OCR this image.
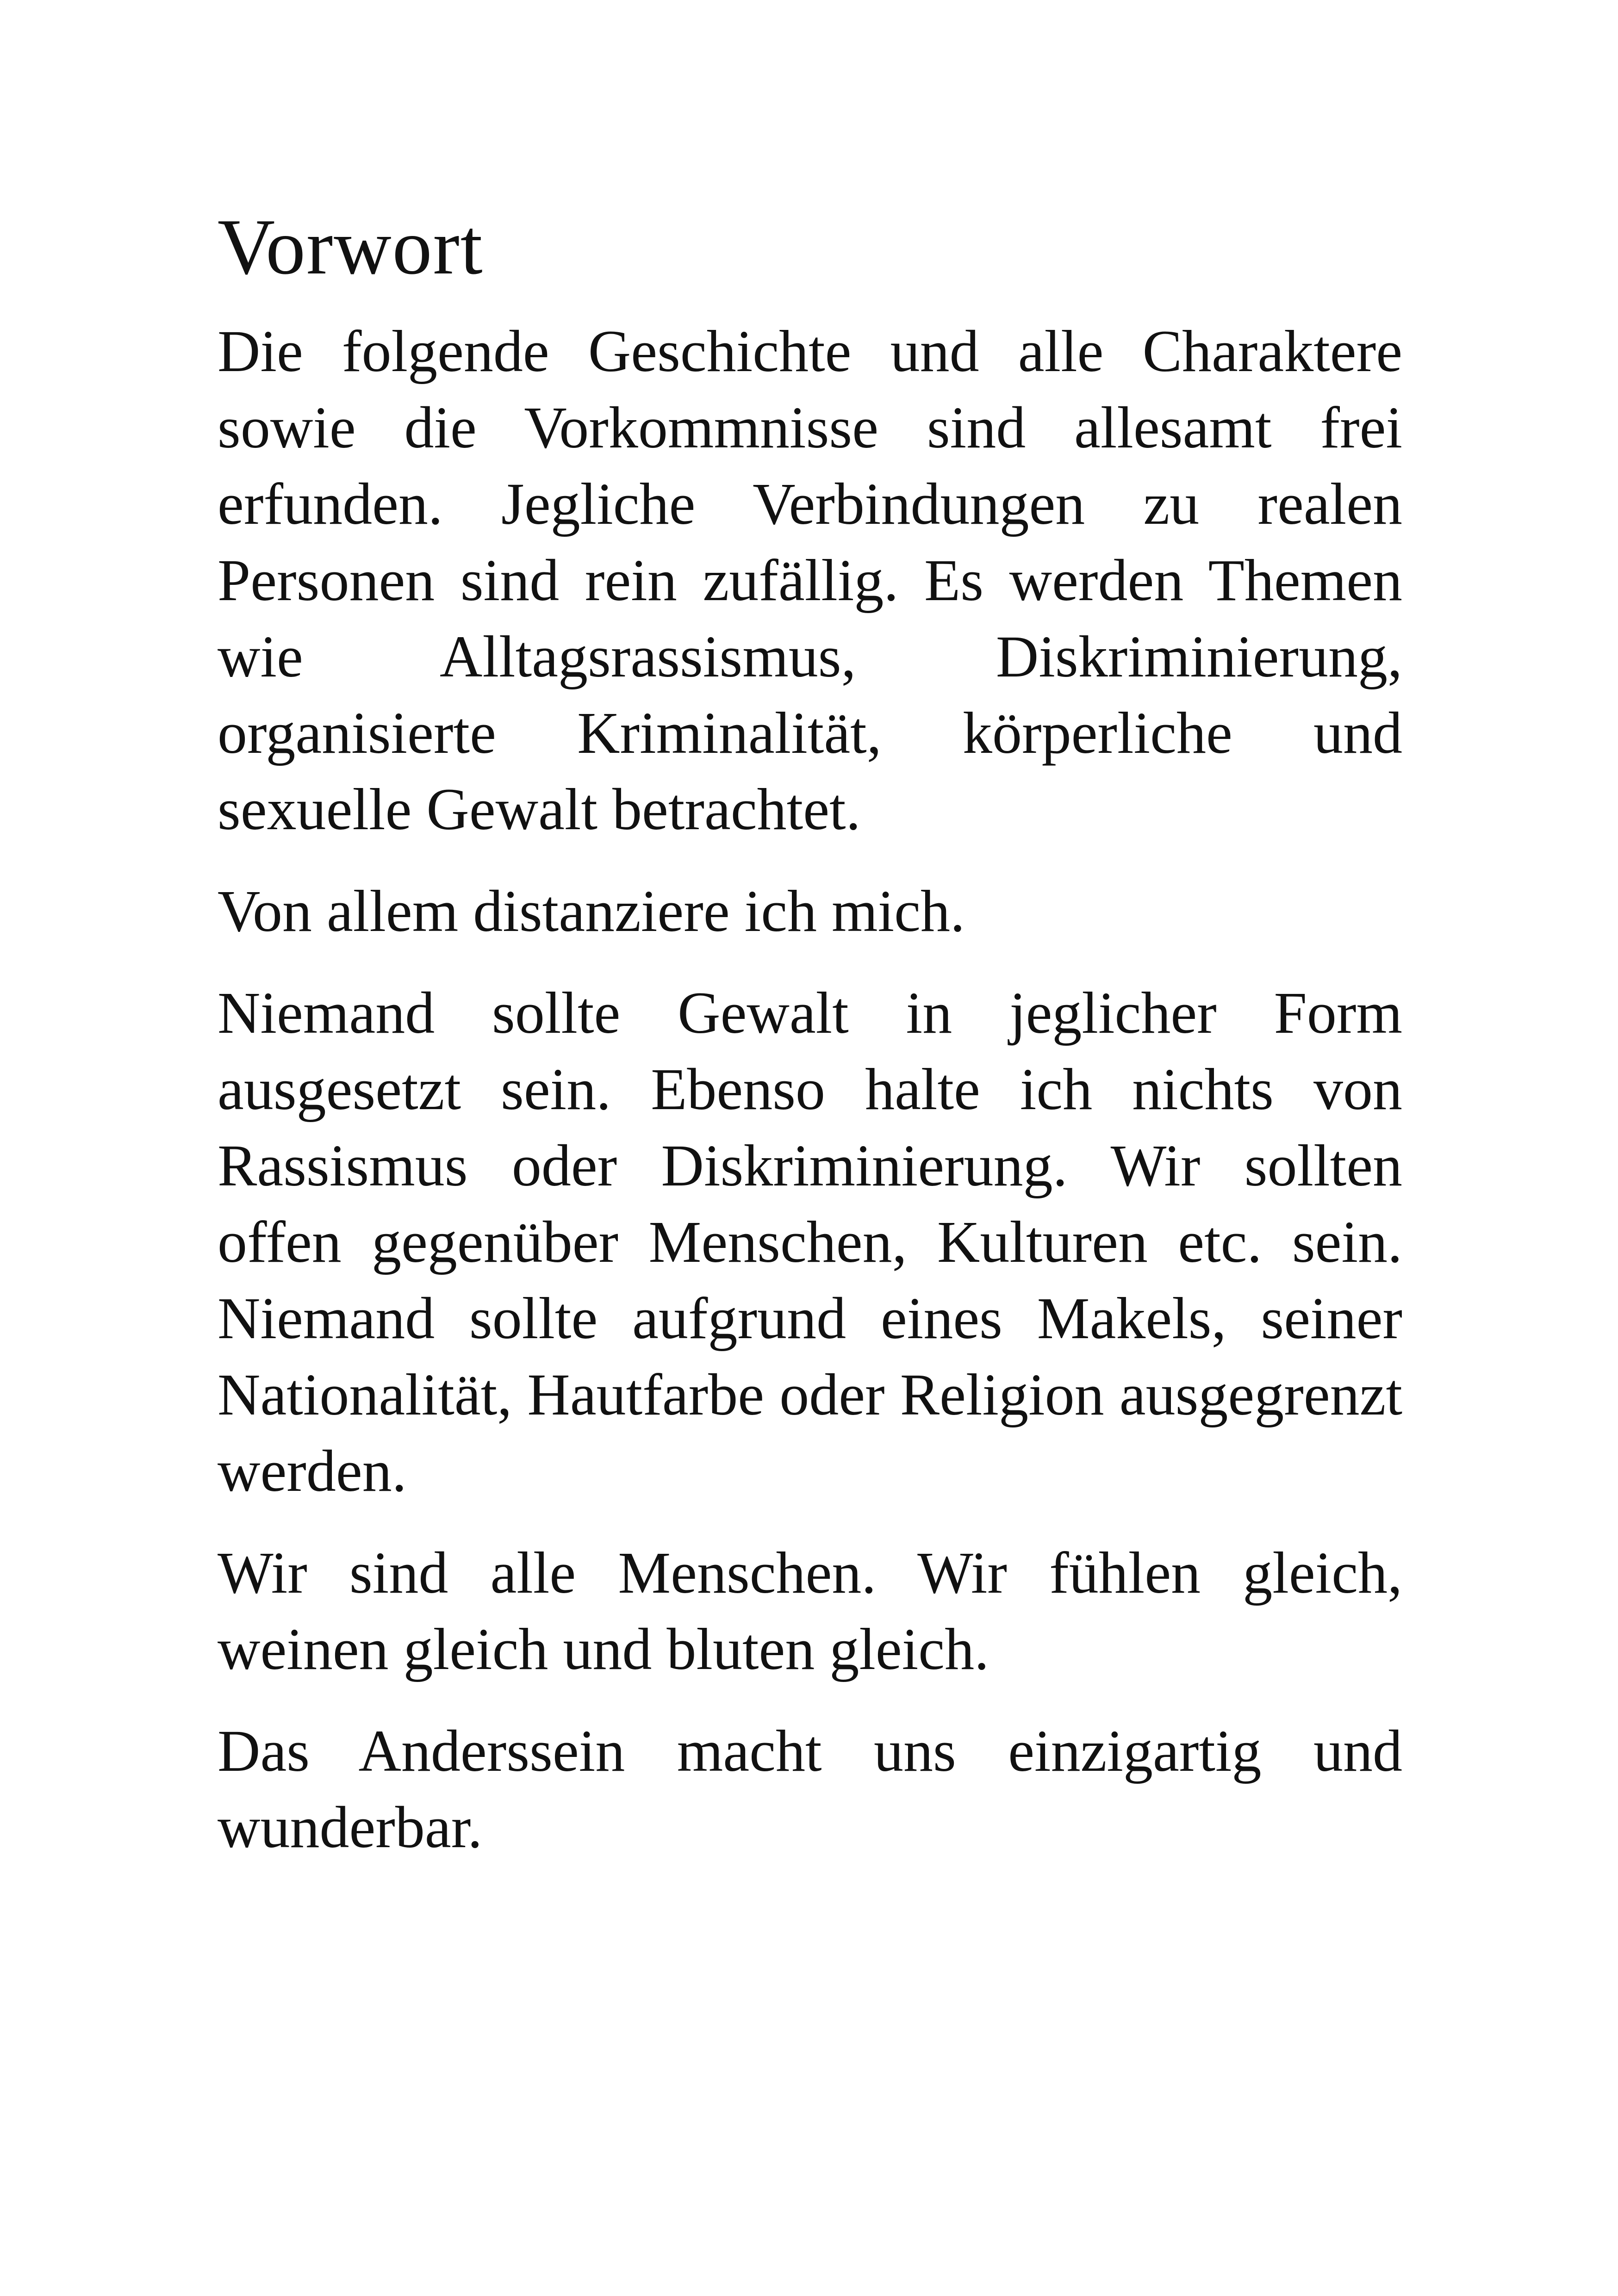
Vorwort

Die folgende Geschichte und alle Charaktere sowie die Vorkommnisse sind allesamt frei erfunden. Jegliche Verbindungen zu realen Personen sind rein zufällig. Es werden Themen wie Alltagsrassismus, Diskriminierung, organisierte Kriminalität, körperliche und sexuelle Gewalt betrachtet.

Von allem distanziere ich mich.

Niemand sollte Gewalt in jeglicher Form ausgesetzt sein. Ebenso halte ich nichts von Rassismus oder Diskriminierung. Wir sollten offen gegenüber Menschen, Kulturen etc. sein. Niemand sollte aufgrund eines Makels, seiner Nationalität, Hautfarbe oder Religion ausgegrenzt werden.

Wir sind alle Menschen. Wir fühlen gleich, weinen gleich und bluten gleich.

Das Anderssein macht uns einzigartig und wunderbar.
